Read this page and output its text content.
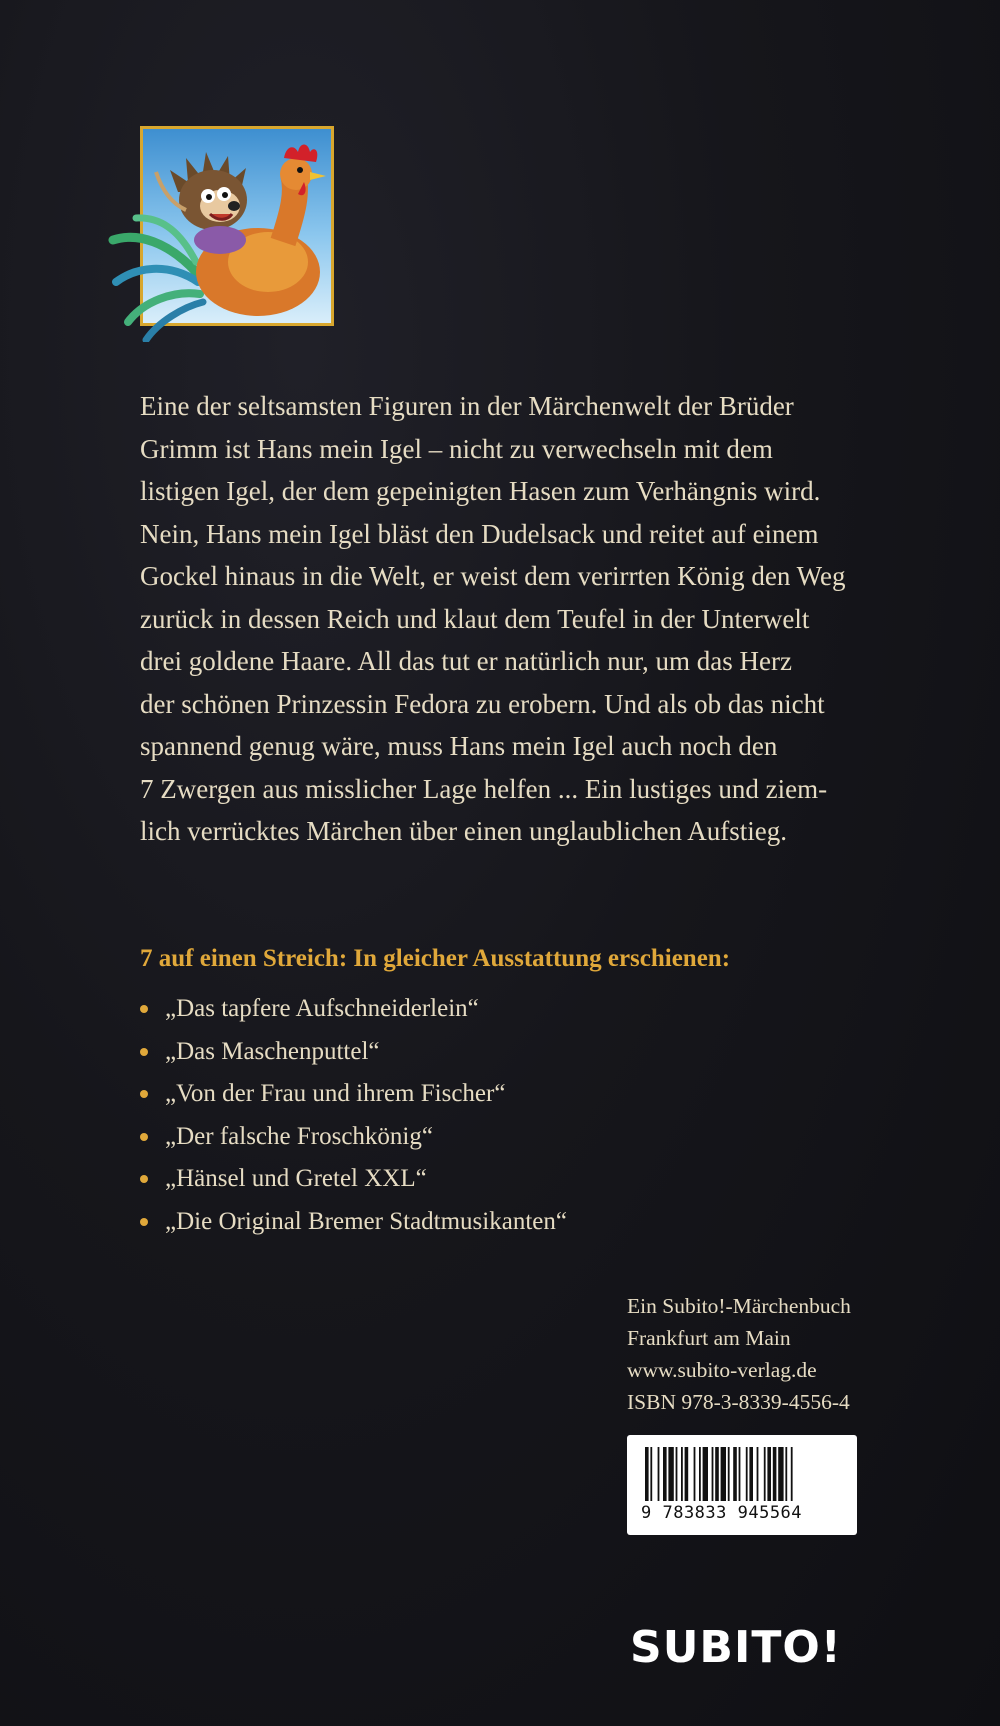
Eine der seltsamsten Figuren in der Märchenwelt der Brüder
Grimm ist Hans mein Igel – nicht zu verwechseln mit dem
listigen Igel, der dem gepeinigten Hasen zum Verhängnis wird.
Nein, Hans mein Igel bläst den Dudelsack und reitet auf einem
Gockel hinaus in die Welt, er weist dem verirrten König den Weg
zurück in dessen Reich und klaut dem Teufel in der Unterwelt
drei goldene Haare. All das tut er natürlich nur, um das Herz
der schönen Prinzessin Fedora zu erobern. Und als ob das nicht
spannend genug wäre, muss Hans mein Igel auch noch den
7 Zwergen aus misslicher Lage helfen ... Ein lustiges und ziem-
lich verrücktes Märchen über einen unglaublichen Aufstieg.

7 auf einen Streich: In gleicher Ausstattung erschienen:

„Das tapfere Aufschneiderlein“
„Das Maschenputtel“
„Von der Frau und ihrem Fischer“
„Der falsche Froschkönig“
„Hänsel und Gretel XXL“
„Die Original Bremer Stadtmusikanten“
Ein Subito!-Märchenbuch
Frankfurt am Main
www.subito-verlag.de
ISBN 978-3-8339-4556-4
9 783833 945564
SUBITO!
